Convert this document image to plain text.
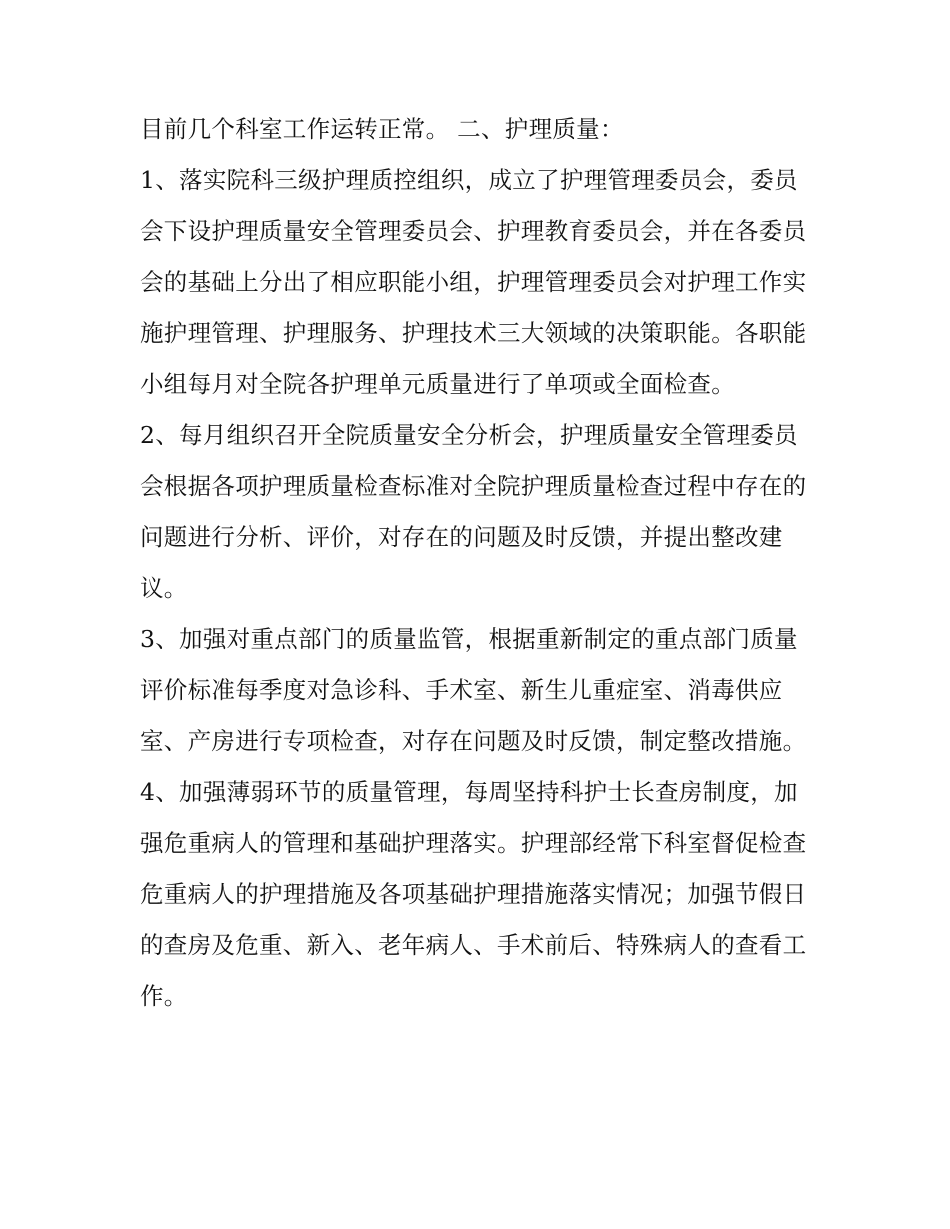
目前几个科室工作运转正常。 二、护理质量：

1、落实院科三级护理质控组织，成立了护理管理委员会，委员会下设护理质量安全管理委员会、护理教育委员会，并在各委员会的基础上分出了相应职能小组，护理管理委员会对护理工作实施护理管理、护理服务、护理技术三大领域的决策职能。各职能小组每月对全院各护理单元质量进行了单项或全面检查。

2、每月组织召开全院质量安全分析会，护理质量安全管理委员会根据各项护理质量检查标准对全院护理质量检查过程中存在的问题进行分析、评价，对存在的问题及时反馈，并提出整改建议。

3、加强对重点部门的质量监管，根据重新制定的重点部门质量评价标准每季度对急诊科、手术室、新生儿重症室、消毒供应室、产房进行专项检查，对存在问题及时反馈，制定整改措施。

4、加强薄弱环节的质量管理，每周坚持科护士长查房制度，加强危重病人的管理和基础护理落实。护理部经常下科室督促检查危重病人的护理措施及各项基础护理措施落实情况；加强节假日的查房及危重、新入、老年病人、手术前后、特殊病人的查看工作。
